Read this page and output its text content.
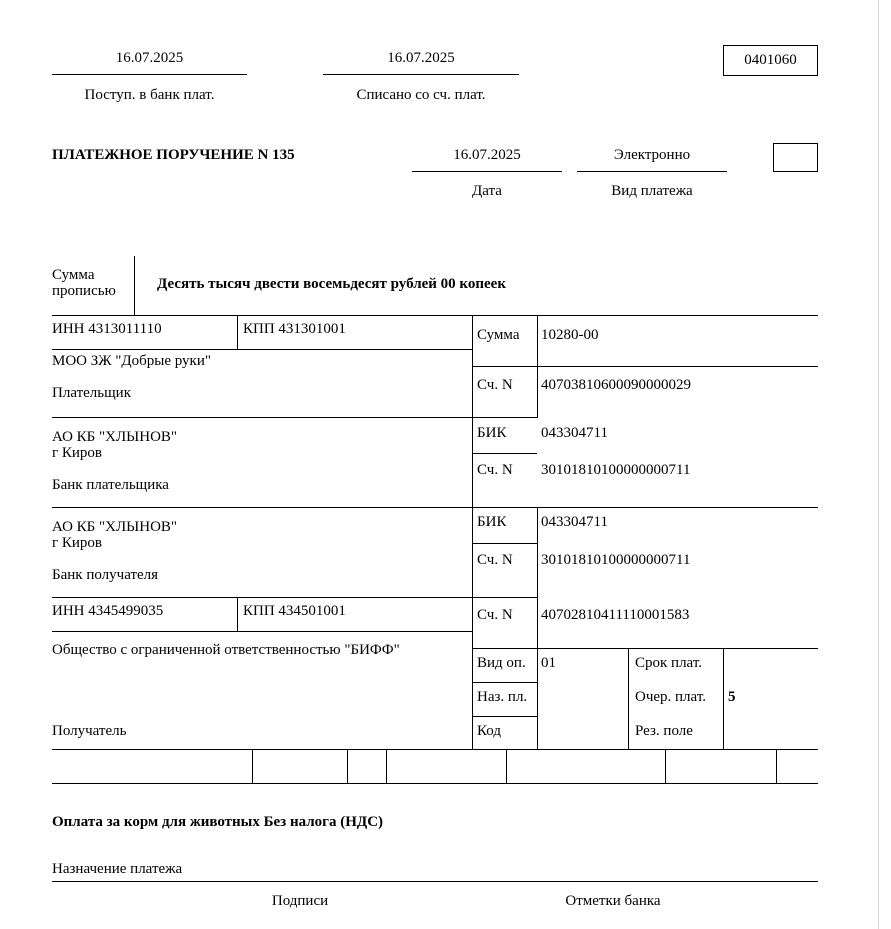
16.07.2025
Поступ. в банк плат.
16.07.2025
Списано со сч. плат.
0401060
ПЛАТЕЖНОЕ ПОРУЧЕНИЕ N 135	16.07.2025
Дата
Электронно
Вид платежа
Сумма
прописью	Десять тысяч двести восемьдесят рублей 00 копеек
ИНН 4313011110	КПП 431301001
МОО ЗЖ "Добрые руки"
Плательщик
Сумма 10280-00
Сч. N 40703810600090000029
АО КБ "ХЛЫНОВ"
г Киров
Банк плательщика
БИК 043304711
Сч. N 30101810100000000711
АО КБ "ХЛЫНОВ"
г Киров
Банк получателя
БИК 043304711
Сч. N 30101810100000000711
ИНН 4345499035	КПП 434501001	Сч. N 40702810411110001583
Общество с ограниченной ответственностью "БИФФ"
Получатель
Вид оп. 01
Наз. пл.
Код
Срок плат.
Очер. плат. 5
Рез. поле
Оплата за корм для животных Без налога (НДС)
Назначение платежа
Подписи	Отметки банка
